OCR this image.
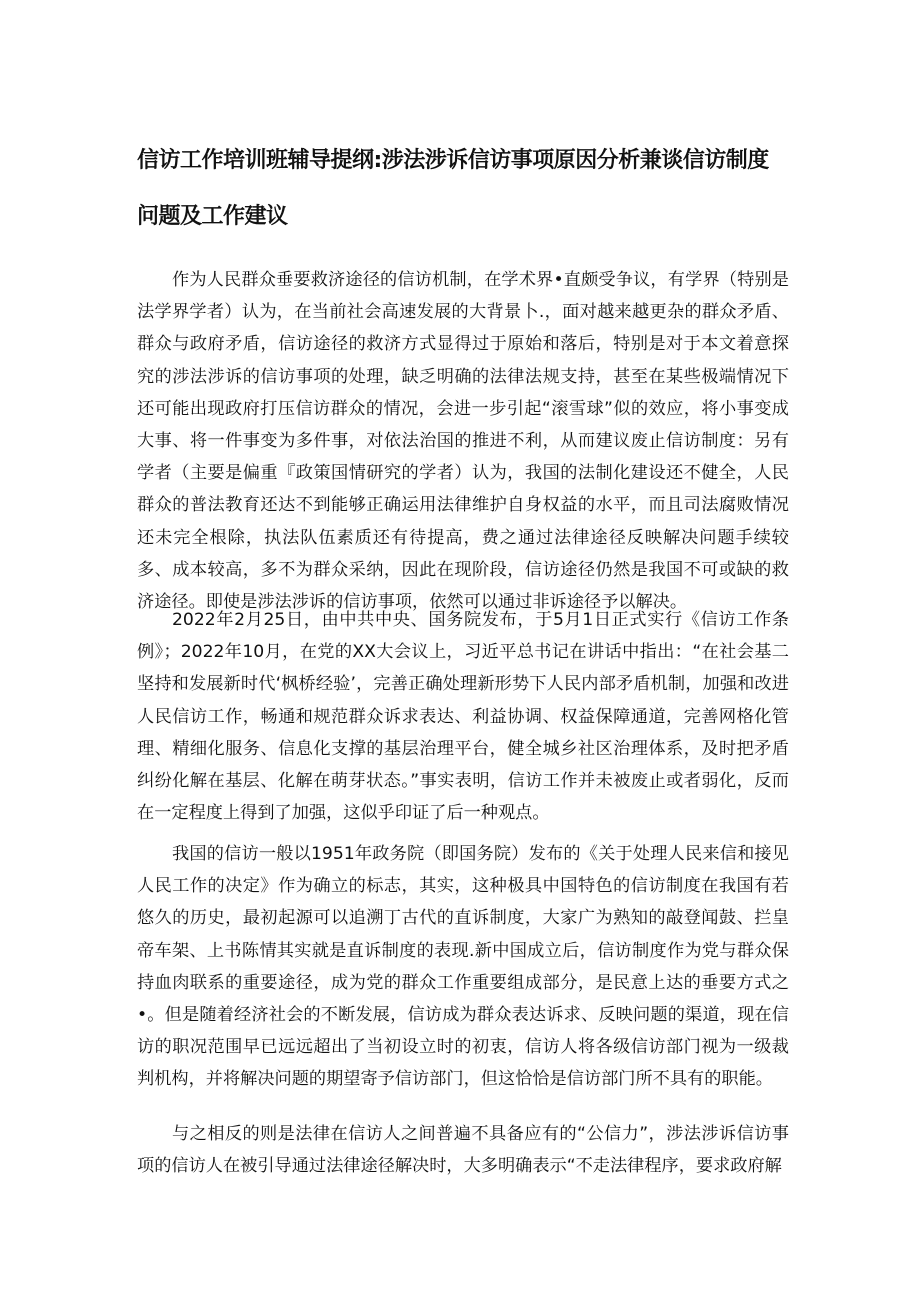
信访工作培训班辅导提纲:涉法涉诉信访事项原因分析兼谈信访制度
问题及工作建议

作为人民群众垂要救济途径的信访机制，在学术界•直颇受争议，有学界（特别是法学界学者）认为，在当前社会高速发展的大背景卜.，面对越来越更杂的群众矛盾、群众与政府矛盾，信访途径的救济方式显得过于原始和落后，特别是对于本文着意探究的涉法涉诉的信访事项的处理，缺乏明确的法律法规支持，甚至在某些极端情况下还可能出现政府打压信访群众的情况，会进一步引起“滚雪球”似的效应，将小事变成大事、将一件事变为多件事，对依法治国的推进不利，从而建议废止信访制度：另有学者（主要是偏重『政策国情研究的学者）认为，我国的法制化建设还不健全，人民群众的普法教育还达不到能够正确运用法律维护自身权益的水平，而且司法腐败情况还未完全根除，执法队伍素质还有待提高，费之通过法律途径反映解决问题手续较多、成本较高，多不为群众采纳，因此在现阶段，信访途径仍然是我国不可或缺的救济途径。即使是涉法涉诉的信访事项，依然可以通过非诉途径予以解决。

2022年2月25日，由中共中央、国务院发布，于5月1日正式实行《信访工作条例》；2022年10月，在党的XX大会议上，习近平总书记在讲话中指出：“在社会基二坚持和发展新时代‘枫桥经验’，完善正确处理新形势下人民内部矛盾机制，加强和改进人民信访工作，畅通和规范群众诉求表达、利益协调、权益保障通道，完善网格化管理、精细化服务、信息化支撑的基层治理平台，健全城乡社区治理体系，及时把矛盾纠纷化解在基层、化解在萌芽状态。”事实表明，信访工作并未被废止或者弱化，反而在一定程度上得到了加强，这似乎印证了后一种观点。

我国的信访一般以1951年政务院（即国务院）发布的《关于处理人民来信和接见人民工作的决定》作为确立的标志，其实，这种极具中国特色的信访制度在我国有若悠久的历史，最初起源可以追溯丁古代的直诉制度，大家广为熟知的敲登闻鼓、拦皇帝车架、上书陈情其实就是直诉制度的表现.新中国成立后，信访制度作为党与群众保持血肉联系的重要途径，成为党的群众工作重要组成部分，是民意上达的垂要方式之•。但是随着经济社会的不断发展，信访成为群众表达诉求、反映问题的渠道，现在信访的职况范围早已远远超出了当初设立时的初衷，信访人将各级信访部门视为一级裁判机构，并将解决问题的期望寄予信访部门，但这恰恰是信访部门所不具有的职能。

与之相反的则是法律在信访人之间普遍不具备应有的“公信力”，涉法涉诉信访事项的信访人在被引导通过法律途径解决时，大多明确表示“不走法律程序，要求政府解
